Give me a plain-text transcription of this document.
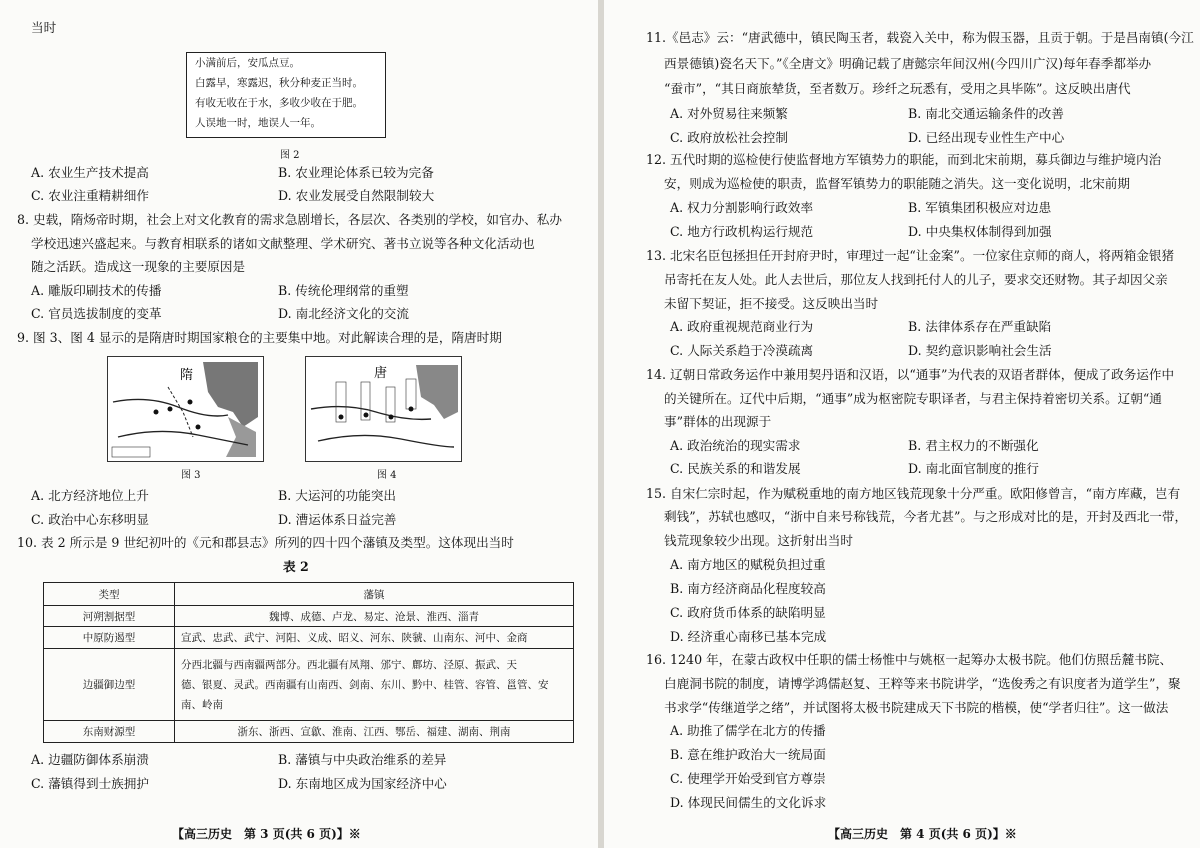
当时
小满前后，安瓜点豆。
白露早，寒露迟，秋分种麦正当时。
有收无收在于水，多收少收在于肥。
人误地一时，地误人一年。
图 2
A. 农业生产技术提高	B. 农业理论体系已较为完备
C. 农业注重精耕细作	D. 农业发展受自然限制较大
8. 史载，隋炀帝时期，社会上对文化教育的需求急剧增长，各层次、各类别的学校，如官办、私办
学校迅速兴盛起来。与教育相联系的诸如文献整理、学术研究、著书立说等各种文化活动也
随之活跃。造成这一现象的主要原因是
A. 雕版印刷技术的传播	B. 传统伦理纲常的重塑
C. 官员选拔制度的变革	D. 南北经济文化的交流
9. 图 3、图 4 显示的是隋唐时期国家粮仓的主要集中地。对此解读合理的是，隋唐时期
隋	唐
图 3	图 4
A. 北方经济地位上升	B. 大运河的功能突出
C. 政治中心东移明显	D. 漕运体系日益完善
10. 表 2 所示是 9 世纪初叶的《元和郡县志》所列的四十四个藩镇及类型。这体现出当时
表 2
类型	藩镇
河朔割据型	魏博、成德、卢龙、易定、沧景、淮西、淄青
中原防遏型	宣武、忠武、武宁、河阳、义成、昭义、河东、陕虢、山南东、河中、金商
边疆御边型	分西北疆与西南疆两部分。西北疆有凤翔、邠宁、鄜坊、泾原、振武、天
德、银夏、灵武。西南疆有山南西、剑南、东川、黔中、桂管、容管、邕管、安
南、岭南

东南财源型	浙东、浙西、宣歙、淮南、江西、鄂岳、福建、湖南、荆南
A. 边疆防御体系崩溃	B. 藩镇与中央政治维系的差异
C. 藩镇得到士族拥护	D. 东南地区成为国家经济中心
【高三历史　第 3 页(共 6 页)】※
11.《邑志》云：“唐武德中，镇民陶玉者，载瓷入关中，称为假玉器，且贡于朝。于是昌南镇(今江
西景德镇)瓷名天下。”《全唐文》明确记载了唐懿宗年间汉州(今四川广汉)每年春季都举办
“蚕市”，“其日商旅辇货，至者数万。珍纤之玩悉有，受用之具毕陈”。这反映出唐代
A. 对外贸易往来频繁	B. 南北交通运输条件的改善
C. 政府放松社会控制	D. 已经出现专业性生产中心
12. 五代时期的巡检使行使监督地方军镇势力的职能，而到北宋前期，募兵御边与维护境内治
安，则成为巡检使的职责，监督军镇势力的职能随之消失。这一变化说明，北宋前期
A. 权力分割影响行政效率	B. 军镇集团积极应对边患
C. 地方行政机构运行规范	D. 中央集权体制得到加强
13. 北宋名臣包拯担任开封府尹时，审理过一起“让金案”。一位家住京师的商人，将两箱金银猪
吊寄托在友人处。此人去世后，那位友人找到托付人的儿子，要求交还财物。其子却因父亲
未留下契证，拒不接受。这反映出当时
A. 政府重视规范商业行为	B. 法律体系存在严重缺陷
C. 人际关系趋于冷漠疏离	D. 契约意识影响社会生活
14. 辽朝日常政务运作中兼用契丹语和汉语，以“通事”为代表的双语者群体，便成了政务运作中
的关键所在。辽代中后期，“通事”成为枢密院专职译者，与君主保持着密切关系。辽朝“通
事”群体的出现源于
A. 政治统治的现实需求	B. 君主权力的不断强化
C. 民族关系的和谐发展	D. 南北面官制度的推行
15. 自宋仁宗时起，作为赋税重地的南方地区钱荒现象十分严重。欧阳修曾言，“南方库藏，岂有
剩钱”，苏轼也感叹，“浙中自来号称钱荒，今者尤甚”。与之形成对比的是，开封及西北一带，
钱荒现象较少出现。这折射出当时
A. 南方地区的赋税负担过重
B. 南方经济商品化程度较高
C. 政府货币体系的缺陷明显
D. 经济重心南移已基本完成
16. 1240 年，在蒙古政权中任职的儒士杨惟中与姚枢一起筹办太极书院。他们仿照岳麓书院、
白鹿洞书院的制度，请博学鸿儒赵复、王粹等来书院讲学，“选俊秀之有识度者为道学生”，聚
书求学“传继道学之绪”，并试图将太极书院建成天下书院的楷模，使“学者归往”。这一做法
A. 助推了儒学在北方的传播
B. 意在维护政治大一统局面
C. 使理学开始受到官方尊崇
D. 体现民间儒生的文化诉求
【高三历史　第 4 页(共 6 页)】※
